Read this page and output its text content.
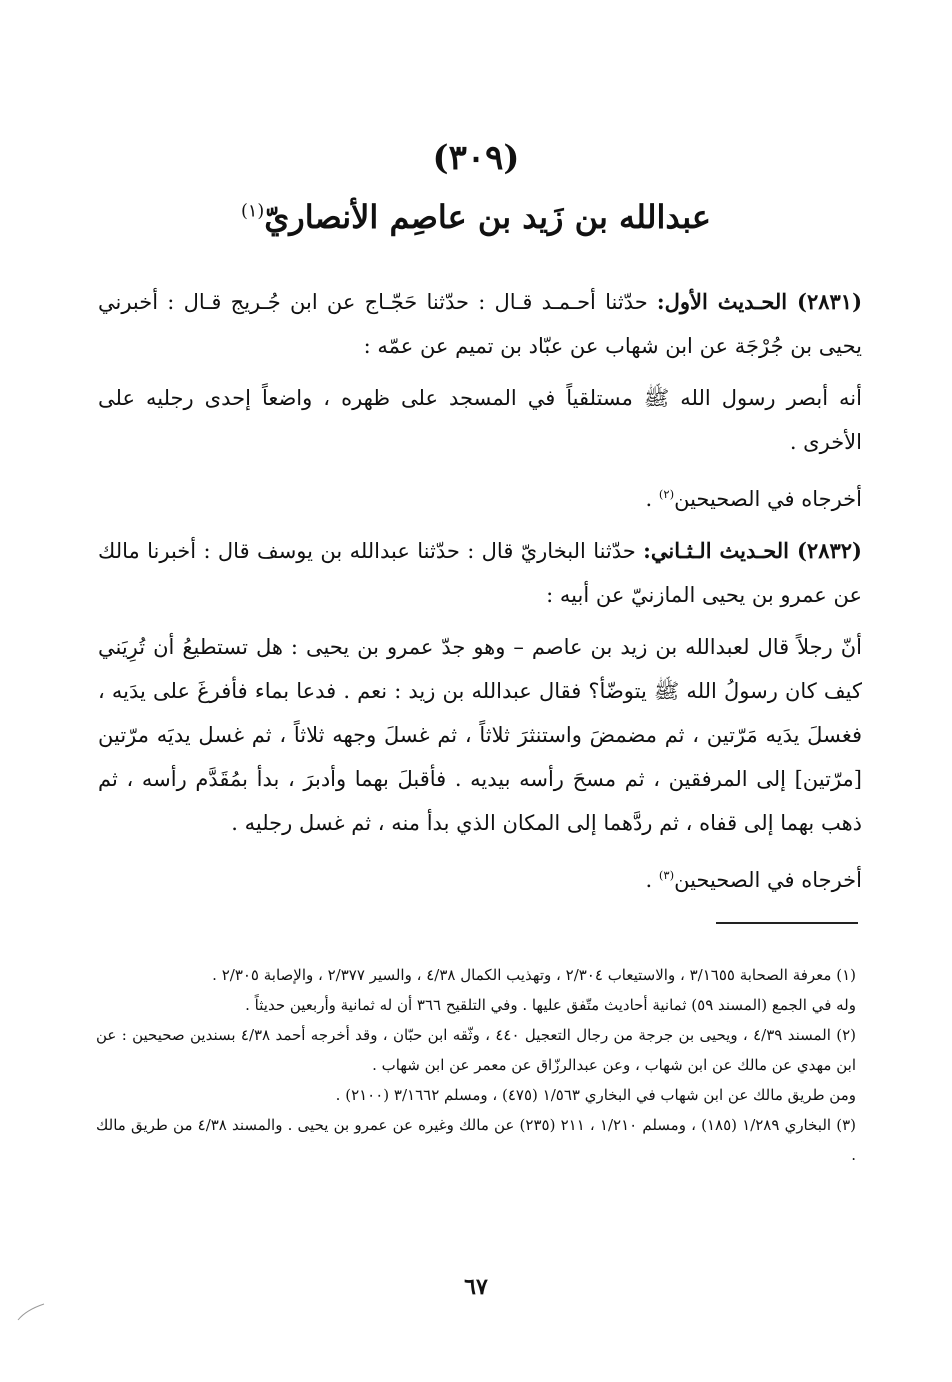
(٣٠٩)
عبدالله بن زَيد بن عاصِم الأنصاريّ$^{(١)}$

(٢٨٣١) الحـديث الأول: حدّثنا أحـمـد قـال : حدّثنا حَجّـاج عن ابن جُـريج قـال : أخبرني يحيى بن جُرْجَة عن ابن شهاب عن عبّاد بن تميم عن عمّه :

أنه أبصر رسول الله ﷺ مستلقياً في المسجد على ظهره ، واضعاً إحدى رجليه على الأخرى .

أخرجاه في الصحيحين$^{(٢)}$ .

(٢٨٣٢) الحـديث الـثـاني: حدّثنا البخاريّ قال : حدّثنا عبدالله بن يوسف قال : أخبرنا مالك عن عمرو بن يحيى المازنيّ عن أبيه :

أنّ رجلاً قال لعبدالله بن زيد بن عاصم – وهو جدّ عمرو بن يحيى : هل تستطيعُ أن تُرِيَني كيف كان رسولُ الله ﷺ يتوضّأ؟ فقال عبدالله بن زيد : نعم . فدعا بماء فأفرغَ على يدَيه ، فغسلَ يدَيه مَرّتين ، ثم مضمضَ واستنثرَ ثلاثاً ، ثم غسلَ وجهه ثلاثاً ، ثم غسل يديَه مرّتين [مرّتين] إلى المرفقين ، ثم مسحَ رأسه بيديه . فأقبلَ بهما وأدبرَ ، بدأ بمُقَدَّم رأسه ، ثم ذهب بهما إلى قفاه ، ثم ردَّهما إلى المكان الذي بدأ منه ، ثم غسل رجليه .

أخرجاه في الصحيحين$^{(٣)}$ .

(١) معرفة الصحابة ٣/١٦٥٥ ، والاستيعاب ٢/٣٠٤ ، وتهذيب الكمال ٤/٣٨ ، والسير ٢/٣٧٧ ، والإصابة ٢/٣٠٥ .

وله في الجمع (المسند ٥٩) ثمانية أحاديث متّفق عليها . وفي التلقيح ٣٦٦ أن له ثمانية وأربعين حديثاً .

(٢) المسند ٤/٣٩ ، ويحيى بن جرجة من رجال التعجيل ٤٤٠ ، وثّقه ابن حبّان ، وقد أخرجه أحمد ٤/٣٨ بسندين صحيحين : عن ابن مهدي عن مالك عن ابن شهاب ، وعن عبدالرزّاق عن معمر عن ابن شهاب .

ومن طريق مالك عن ابن شهاب في البخاري ١/٥٦٣ (٤٧٥) ، ومسلم ٣/١٦٦٢ (٢١٠٠) .

(٣) البخاري ١/٢٨٩ (١٨٥) ، ومسلم ١/٢١٠ ، ٢١١ (٢٣٥) عن مالك وغيره عن عمرو بن يحيى . والمسند ٤/٣٨ من طريق مالك .

٦٧
